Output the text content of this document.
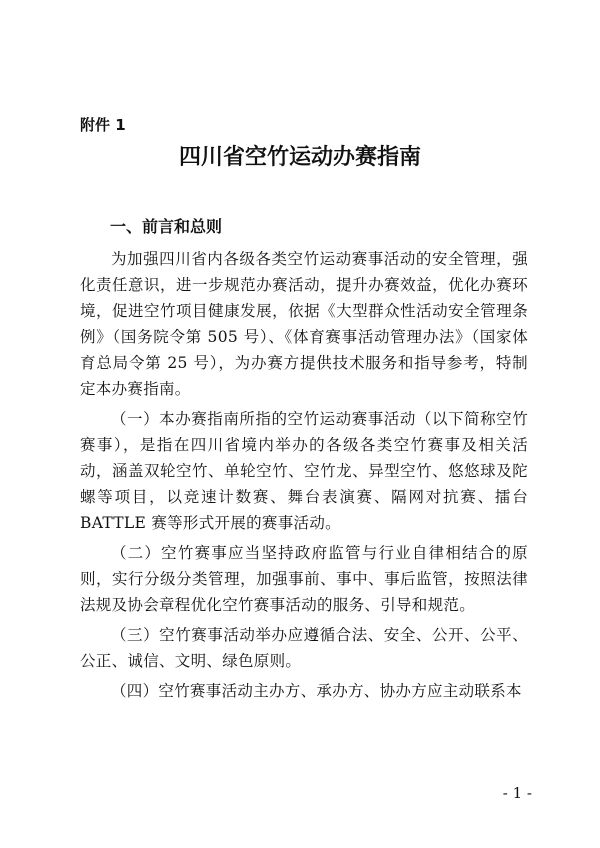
附件 1
四川省空竹运动办赛指南
一、前言和总则

为加强四川省内各级各类空竹运动赛事活动的安全管理，强化责任意识，进一步规范办赛活动，提升办赛效益，优化办赛环境，促进空竹项目健康发展，依据《大型群众性活动安全管理条例》（国务院令第 505 号）、《体育赛事活动管理办法》（国家体育总局令第 25 号），为办赛方提供技术服务和指导参考，特制定本办赛指南。

（一）本办赛指南所指的空竹运动赛事活动（以下简称空竹赛事），是指在四川省境内举办的各级各类空竹赛事及相关活动，涵盖双轮空竹、单轮空竹、空竹龙、异型空竹、悠悠球及陀螺等项目，以竞速计数赛、舞台表演赛、隔网对抗赛、擂台 BATTLE 赛等形式开展的赛事活动。

（二）空竹赛事应当坚持政府监管与行业自律相结合的原则，实行分级分类管理，加强事前、事中、事后监管，按照法律法规及协会章程优化空竹赛事活动的服务、引导和规范。

（三）空竹赛事活动举办应遵循合法、安全、公开、公平、公正、诚信、文明、绿色原则。

（四）空竹赛事活动主办方、承办方、协办方应主动联系本

- 1 -
